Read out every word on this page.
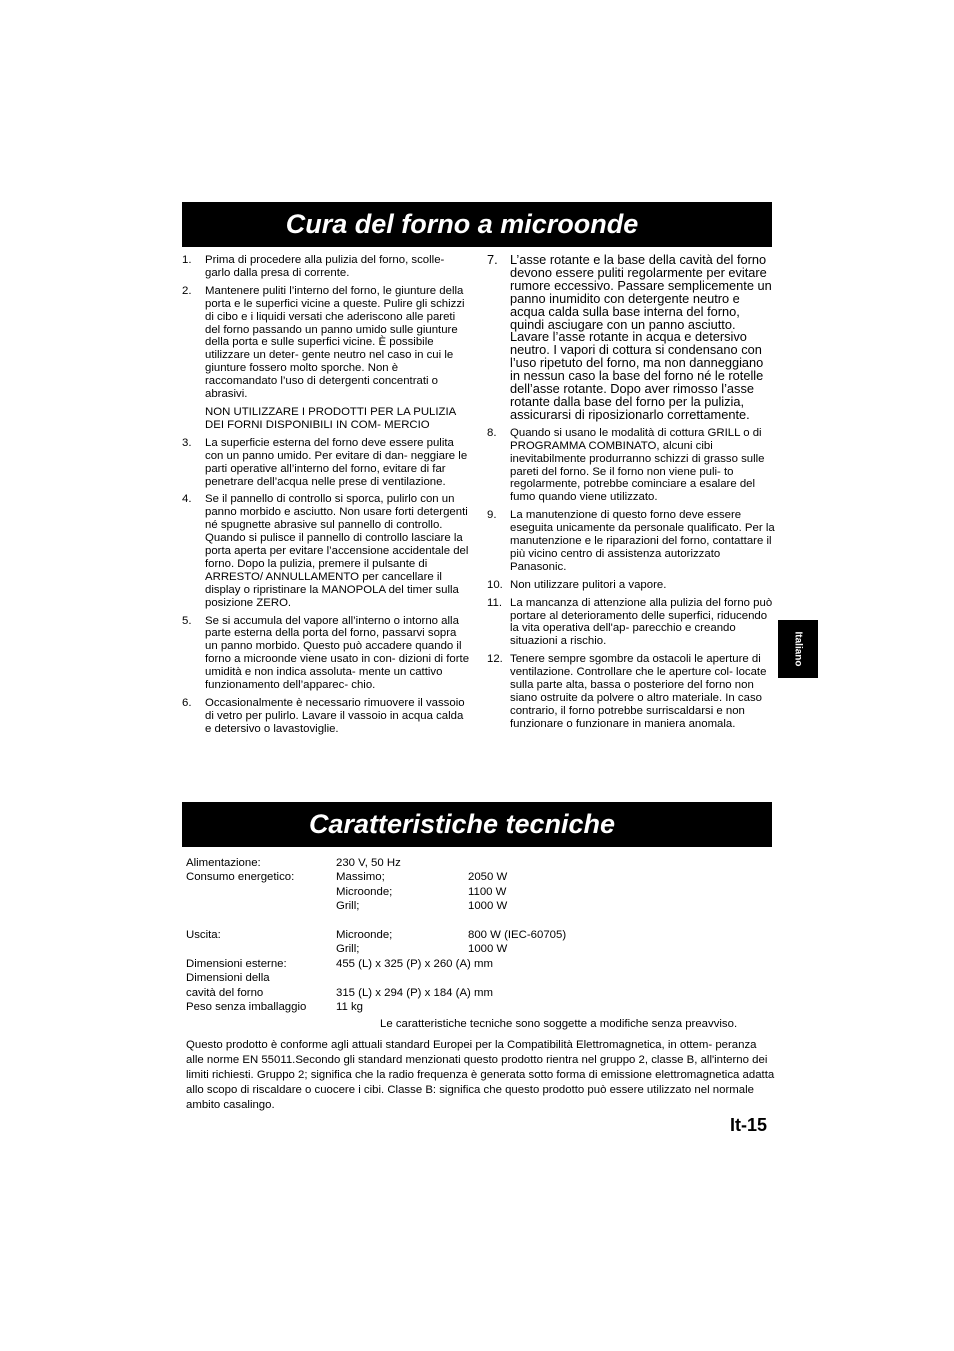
Cura del forno a microonde
1. Prima di procedere alla pulizia del forno, scolle- garlo dalla presa di corrente.

2. Mantenere puliti l’interno del forno, le giunture della porta e le superfici vicine a queste. Pulire gli schizzi di cibo e i liquidi versati che aderiscono alle pareti del forno passando un panno umido sulle giunture della porta e sulle superfici vicine. È possibile utilizzare un deter- gente neutro nel caso in cui le giunture fossero molto sporche. Non è raccomandato l’uso di detergenti concentrati o abrasivi.

NON UTILIZZARE I PRODOTTI PER LA PULIZIA DEI FORNI DISPONIBILI IN COM- MERCIO

3. La superficie esterna del forno deve essere pulita con un panno umido. Per evitare di dan- neggiare le parti operative all’interno del forno, evitare di far penetrare dell’acqua nelle prese di ventilazione.

4. Se il pannello di controllo si sporca, pulirlo con un panno morbido e asciutto. Non usare forti detergenti né spugnette abrasive sul pannello di controllo. Quando si pulisce il pannello di controllo lasciare la porta aperta per evitare l’accensione accidentale del forno. Dopo la pulizia, premere il pulsante di ARRESTO/ ANNULLAMENTO per cancellare il display o ripristinare la MANOPOLA del timer sulla posizione ZERO.

5. Se si accumula del vapore all’interno o intorno alla parte esterna della porta del forno, passarvi sopra un panno morbido. Questo può accadere quando il forno a microonde viene usato in con- dizioni di forte umidità e non indica assoluta- mente un cattivo funzionamento dell’apparec- chio.

6. Occasionalmente è necessario rimuovere il vassoio di vetro per pulirlo. Lavare il vassoio in acqua calda e detersivo o lavastoviglie.

7. L’asse rotante e la base della cavità del forno devono essere puliti regolarmente per evitare rumore eccessivo. Passare semplicemente un panno inumidito con detergente neutro e acqua calda sulla base interna del forno, quindi asciugare con un panno asciutto. Lavare l’asse rotante in acqua e detersivo neutro. I vapori di cottura si condensano con l’uso ripetuto del forno, ma non danneggiano in nessun caso la base del forno né le rotelle dell’asse rotante. Dopo aver rimosso l’asse rotante dalla base del forno per la pulizia, assicurarsi di riposizionarlo correttamente.

8. Quando si usano le modalità di cottura GRILL o di PROGRAMMA COMBINATO, alcuni cibi inevitabilmente produrranno schizzi di grasso sulle pareti del forno. Se il forno non viene puli- to regolarmente, potrebbe cominciare a esalare del fumo quando viene utilizzato.

9. La manutenzione di questo forno deve essere eseguita unicamente da personale qualificato. Per la manutenzione e le riparazioni del forno, contattare il più vicino centro di assistenza autorizzato Panasonic.

10. Non utilizzare pulitori a vapore.

11. La mancanza di attenzione alla pulizia del forno può portare al deterioramento delle superfici, riducendo la vita operativa dell'ap- parecchio e creando situazioni a rischio.

12. Tenere sempre sgombre da ostacoli le aperture di ventilazione. Controllare che le aperture col- locate sulla parte alta, bassa o posteriore del forno non siano ostruite da polvere o altro materiale. In caso contrario, il forno potrebbe surriscaldarsi e non funzionare o funzionare in maniera anomala.

Italiano
Caratteristiche tecniche
Alimentazione:	230 V, 50 Hz
Consumo energetico:	Massimo;	2050 W
Microonde;	1100 W
Grill;	1000 W
Uscita:	Microonde;	800 W (IEC-60705)
Grill;	1000 W
Dimensioni esterne:	455 (L) x 325 (P) x 260 (A) mm
Dimensioni della
cavità del forno	315 (L) x 294 (P) x 184 (A) mm
Peso senza imballaggio	11 kg
Le caratteristiche tecniche sono soggette a modifiche senza preavviso.

Questo prodotto è conforme agli attuali standard Europei per la Compatibilità Elettromagnetica, in ottem- peranza alle norme EN 55011.Secondo gli standard menzionati questo prodotto rientra nel gruppo 2, classe B, all'interno dei limiti richiesti. Gruppo 2; significa che la radio frequenza è generata sotto forma di emissione elettromagnetica adatta allo scopo di riscaldare o cuocere i cibi. Classe B: significa che questo prodotto può essere utilizzato nel normale ambito casalingo.

It-15
